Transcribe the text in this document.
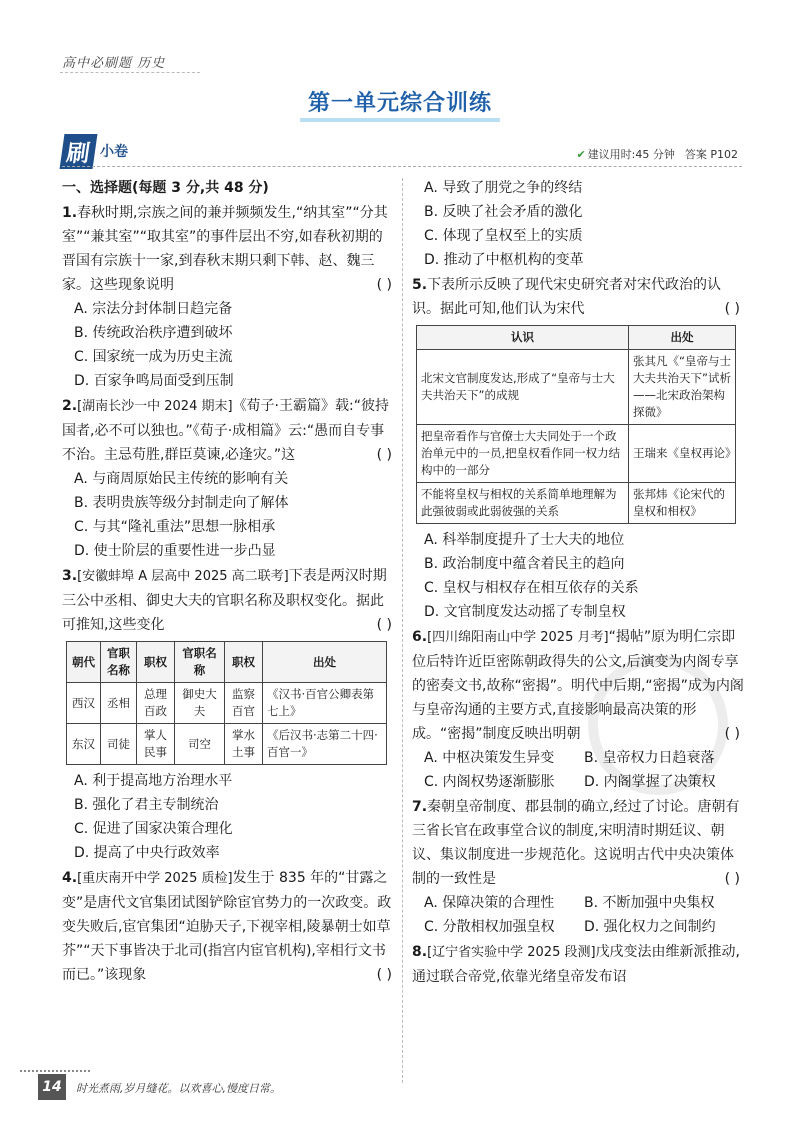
高中必刷题 历史
第一单元综合训练
刷 小卷	✔ 建议用时:45 分钟 答案 P102
一、选择题(每题 3 分,共 48 分)
1.春秋时期,宗族之间的兼并频频发生,“纳其室”“分其室”“兼其室”“取其室”的事件层出不穷,如春秋初期的晋国有宗族十一家,到春秋末期只剩下韩、赵、魏三家。这些现象说明	( )
A. 宗法分封体制日趋完备
B. 传统政治秩序遭到破坏
C. 国家统一成为历史主流
D. 百家争鸣局面受到压制
2.[湖南长沙一中 2024 期末]《荀子·王霸篇》载:“彼持国者,必不可以独也。”《荀子·成相篇》云:“愚而自专事不治。主忌苟胜,群臣莫谏,必逢灾。”这	( )
A. 与商周原始民主传统的影响有关
B. 表明贵族等级分封制走向了解体
C. 与其“隆礼重法”思想一脉相承
D. 使士阶层的重要性进一步凸显
3.[安徽蚌埠 A 层高中 2025 高二联考]下表是两汉时期三公中丞相、御史大夫的官职名称及职权变化。据此可推知,这些变化	( )
朝代	官职名称	职权	官职名称	职权	出处
西汉	丞相	总理百政	御史大夫	监察百官	《汉书·百官公卿表第七上》
东汉	司徒	掌人民事	司空	掌水土事	《后汉书·志第二十四·百官一》
A. 利于提高地方治理水平
B. 强化了君主专制统治
C. 促进了国家决策合理化
D. 提高了中央行政效率
4.[重庆南开中学 2025 质检]发生于 835 年的“甘露之变”是唐代文官集团试图铲除宦官势力的一次政变。政变失败后,宦官集团“迫胁天子,下视宰相,陵暴朝士如草芥”“天下事皆决于北司(指宫内宦官机构),宰相行文书而已。”该现象	( )
A. 导致了朋党之争的终结
B. 反映了社会矛盾的激化
C. 体现了皇权至上的实质
D. 推动了中枢机构的变革
5.下表所示反映了现代宋史研究者对宋代政治的认识。据此可知,他们认为宋代	( )
认识	出处
北宋文官制度发达,形成了“皇帝与士大夫共治天下”的成规	张其凡《“皇帝与士大夫共治天下”试析——北宋政治架构探微》
把皇帝看作与官僚士大夫同处于一个政治单元中的一员,把皇权看作同一权力结构中的一部分	王瑞来《皇权再论》
不能将皇权与相权的关系简单地理解为此强彼弱或此弱彼强的关系	张邦炜《论宋代的皇权和相权》
A. 科举制度提升了士大夫的地位
B. 政治制度中蕴含着民主的趋向
C. 皇权与相权存在相互依存的关系
D. 文官制度发达动摇了专制皇权
6.[四川绵阳南山中学 2025 月考]“揭帖”原为明仁宗即位后特许近臣密陈朝政得失的公文,后演变为内阁专享的密奏文书,故称“密揭”。明代中后期,“密揭”成为内阁与皇帝沟通的主要方式,直接影响最高决策的形成。“密揭”制度反映出明朝	( )
A. 中枢决策发生异变	B. 皇帝权力日趋衰落
C. 内阁权势逐渐膨胀	D. 内阁掌握了决策权
7.秦朝皇帝制度、郡县制的确立,经过了讨论。唐朝有三省长官在政事堂合议的制度,宋明清时期廷议、朝议、集议制度进一步规范化。这说明古代中央决策体制的一致性是	( )
A. 保障决策的合理性	B. 不断加强中央集权
C. 分散相权加强皇权	D. 强化权力之间制约
8.[辽宁省实验中学 2025 段测]戊戌变法由维新派推动,通过联合帝党,依靠光绪皇帝发布诏
14	时光煮雨,岁月缝花。以欢喜心,慢度日常。
